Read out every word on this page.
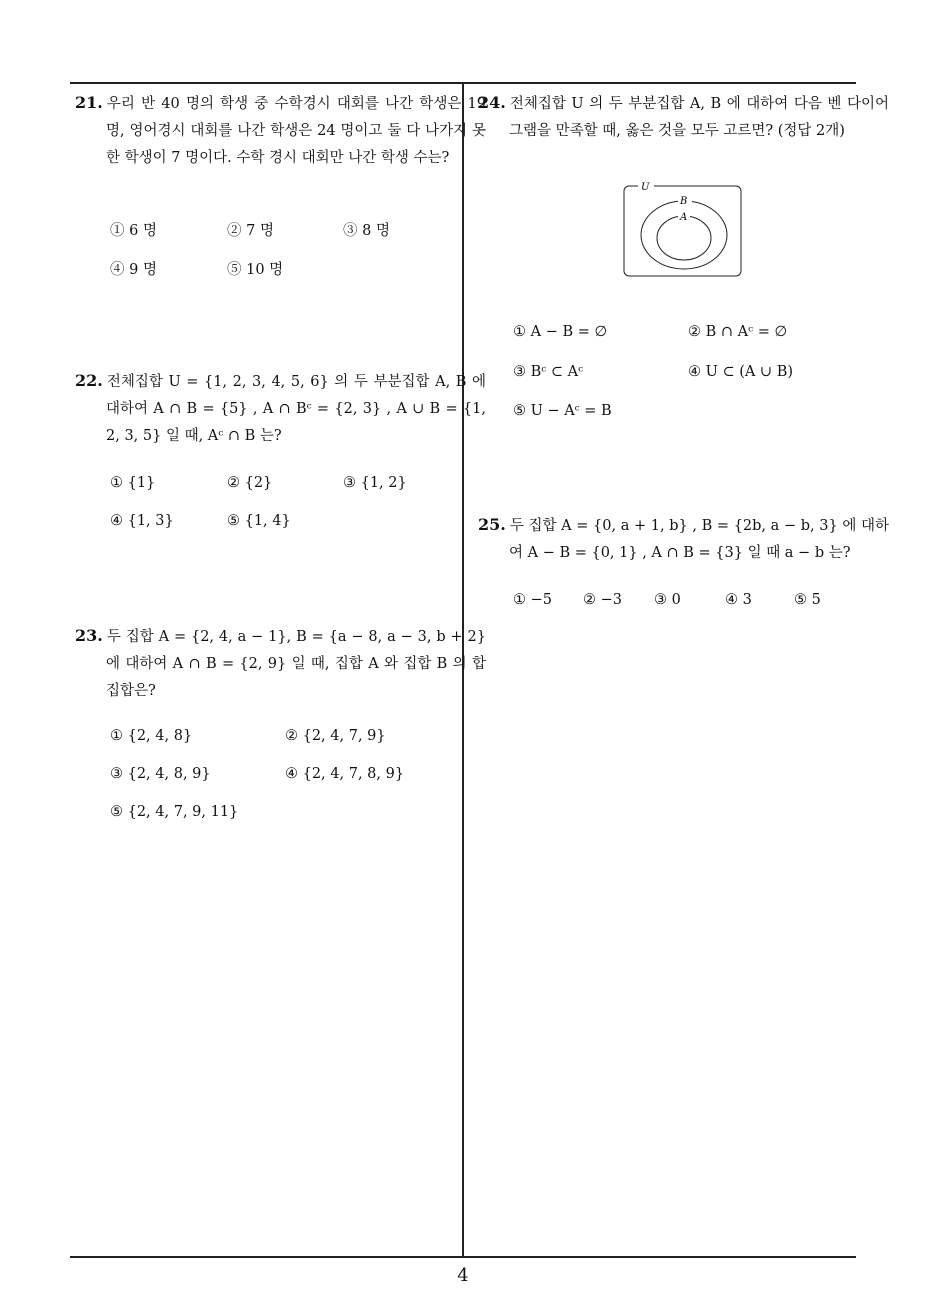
21. 우리 반 40 명의 학생 중 수학경시 대회를 나간 학생은 19 명, 영어경시 대회를 나간 학생은 24 명이고 둘 다 나가지 못한 학생이 7 명이다. 수학 경시 대회만 나간 학생 수는?
① 6 명	② 7 명	③ 8 명
④ 9 명	⑤ 10 명
22. 전체집합 U = {1, 2, 3, 4, 5, 6} 의 두 부분집합 A, B 에 대하여 A ∩ B = {5} , A ∩ Bᶜ = {2, 3} , A ∪ B = {1, 2, 3, 5} 일 때, Aᶜ ∩ B 는?
① {1}	② {2}	③ {1, 2}
④ {1, 3}	⑤ {1, 4}
23. 두 집합 A = {2, 4, a − 1}, B = {a − 8, a − 3, b + 2} 에 대하여 A ∩ B = {2, 9} 일 때, 집합 A 와 집합 B 의 합집합은?
① {2, 4, 8}	② {2, 4, 7, 9}
③ {2, 4, 8, 9}	④ {2, 4, 7, 8, 9}
⑤ {2, 4, 7, 9, 11}
24. 전체집합 U 의 두 부분집합 A, B 에 대하여 다음 벤 다이어그램을 만족할 때, 옳은 것을 모두 고르면? (정답 2개)
U
B
A
① A − B = ∅	② B ∩ Aᶜ = ∅
③ Bᶜ ⊂ Aᶜ	④ U ⊂ (A ∪ B)
⑤ U − Aᶜ = B
25. 두 집합 A = {0, a + 1, b} , B = {2b, a − b, 3} 에 대하여 A − B = {0, 1} , A ∩ B = {3} 일 때 a − b 는?
① −5 ② −3 ③ 0	④ 3	⑤ 5
4
